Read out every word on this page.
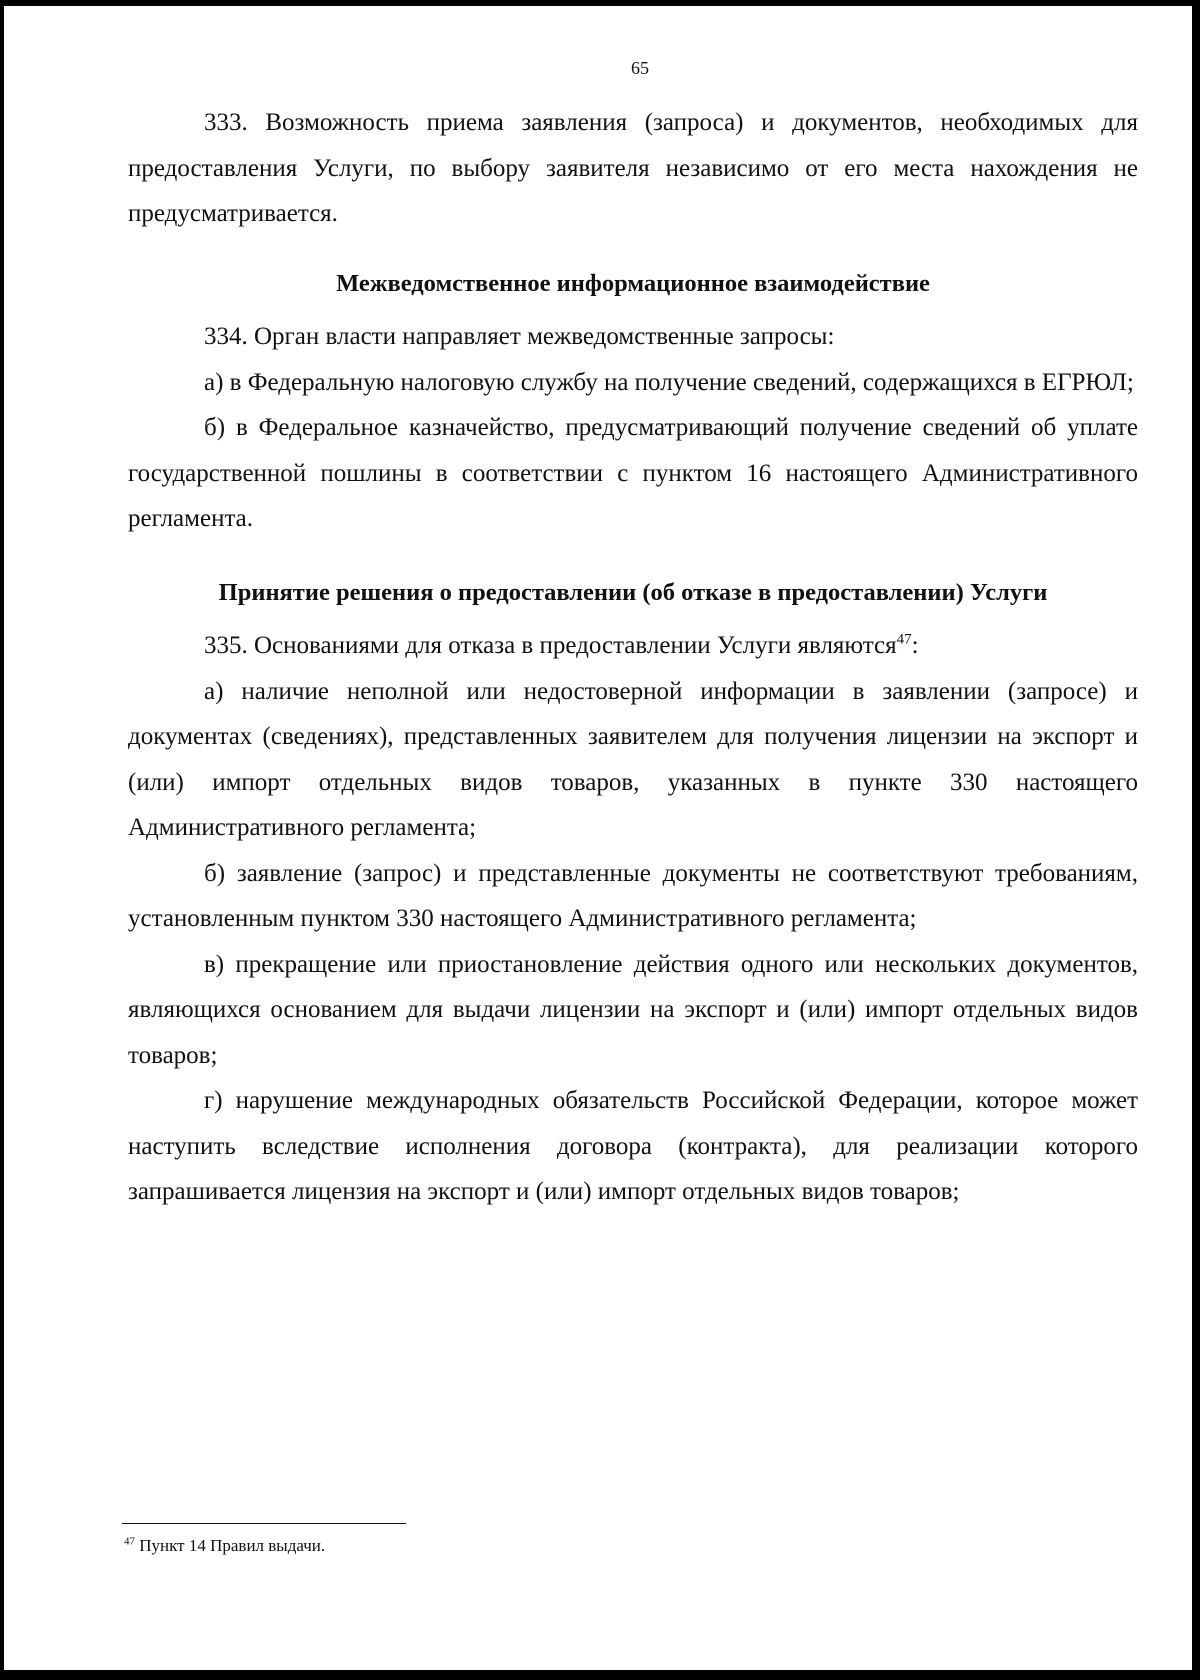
65

333. Возможность приема заявления (запроса) и документов, необходимых для предоставления Услуги, по выбору заявителя независимо от его места нахождения не предусматривается.

Межведомственное информационное взаимодействие

334. Орган власти направляет межведомственные запросы:

а) в Федеральную налоговую службу на получение сведений, содержащихся в ЕГРЮЛ;

б) в Федеральное казначейство, предусматривающий получение сведений об уплате государственной пошлины в соответствии с пунктом 16 настоящего Административного регламента.

Принятие решения о предоставлении (об отказе в предоставлении) Услуги

335. Основаниями для отказа в предоставлении Услуги являются$^{47}$:

а) наличие неполной или недостоверной информации в заявлении (запросе) и документах (сведениях), представленных заявителем для получения лицензии на экспорт и (или) импорт отдельных видов товаров, указанных в пункте 330 настоящего Административного регламента;

б) заявление (запрос) и представленные документы не соответствуют требованиям, установленным пунктом 330 настоящего Административного регламента;

в) прекращение или приостановление действия одного или нескольких документов, являющихся основанием для выдачи лицензии на экспорт и (или) импорт отдельных видов товаров;

г) нарушение международных обязательств Российской Федерации, которое может наступить вследствие исполнения договора (контракта), для реализации которого запрашивается лицензия на экспорт и (или) импорт отдельных видов товаров;

$^{47}$ Пункт 14 Правил выдачи.
